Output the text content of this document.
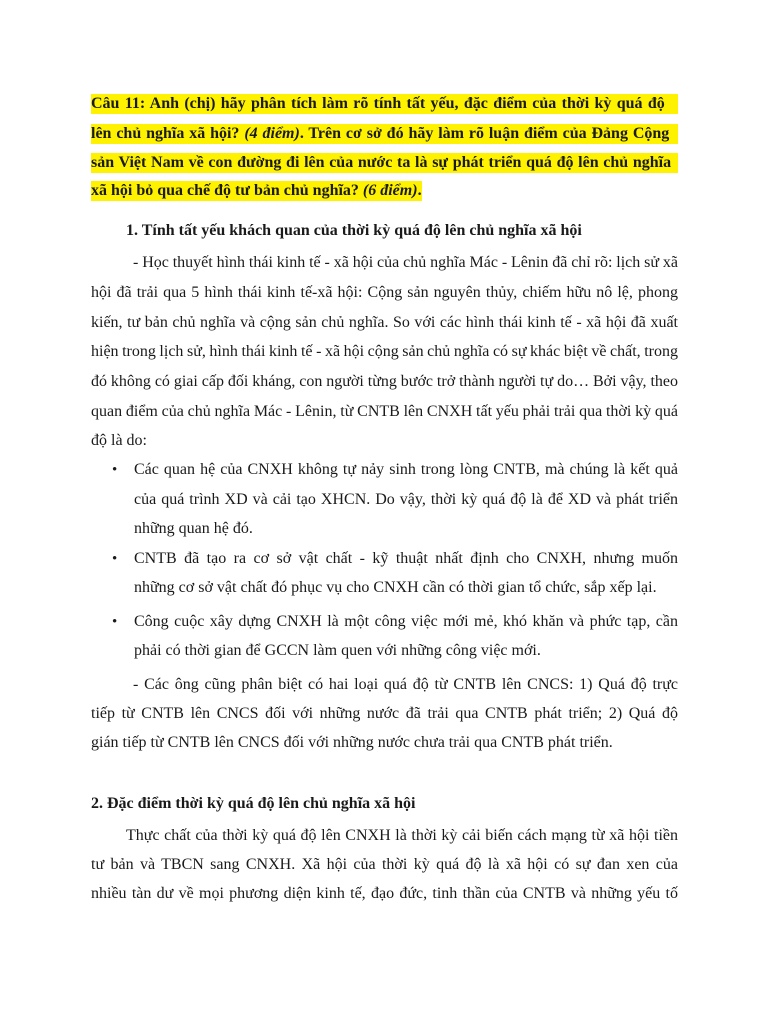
Câu 11: Anh (chị) hãy phân tích làm rõ tính tất yếu, đặc điểm của thời kỳ quá độ
lên chủ nghĩa xã hội? (4 điểm). Trên cơ sở đó hãy làm rõ luận điểm của Đảng Cộng
sản Việt Nam về con đường đi lên của nước ta là sự phát triển quá độ lên chủ nghĩa
xã hội bỏ qua chế độ tư bản chủ nghĩa? (6 điểm).
1. Tính tất yếu khách quan của thời kỳ quá độ lên chủ nghĩa xã hội
- Học thuyết hình thái kinh tế - xã hội của chủ nghĩa Mác - Lênin đã chỉ rõ: lịch sử xã
hội đã trải qua 5 hình thái kinh tế-xã hội: Cộng sản nguyên thủy, chiếm hữu nô lệ, phong
kiến, tư bản chủ nghĩa và cộng sản chủ nghĩa. So với các hình thái kinh tế - xã hội đã xuất
hiện trong lịch sử, hình thái kinh tế - xã hội cộng sản chủ nghĩa có sự khác biệt về chất, trong
đó không có giai cấp đối kháng, con người từng bước trở thành người tự do… Bởi vậy, theo
quan điểm của chủ nghĩa Mác - Lênin, từ CNTB lên CNXH tất yếu phải trải qua thời kỳ quá
độ là do:
• Các quan hệ của CNXH không tự nảy sinh trong lòng CNTB, mà chúng là kết quả
của quá trình XD và cải tạo XHCN. Do vậy, thời kỳ quá độ là để XD và phát triển
những quan hệ đó.
• CNTB đã tạo ra cơ sở vật chất - kỹ thuật nhất định cho CNXH, nhưng muốn
những cơ sở vật chất đó phục vụ cho CNXH cần có thời gian tổ chức, sắp xếp lại.
• Công cuộc xây dựng CNXH là một công việc mới mẻ, khó khăn và phức tạp, cần
phải có thời gian để GCCN làm quen với những công việc mới.
- Các ông cũng phân biệt có hai loại quá độ từ CNTB lên CNCS: 1) Quá độ trực
tiếp từ CNTB lên CNCS đối với những nước đã trải qua CNTB phát triển; 2) Quá độ
gián tiếp từ CNTB lên CNCS đối với những nước chưa trải qua CNTB phát triển.
2. Đặc điểm thời kỳ quá độ lên chủ nghĩa xã hội
Thực chất của thời kỳ quá độ lên CNXH là thời kỳ cải biến cách mạng từ xã hội tiền
tư bản và TBCN sang CNXH. Xã hội của thời kỳ quá độ là xã hội có sự đan xen của
nhiều tàn dư về mọi phương diện kinh tế, đạo đức, tinh thần của CNTB và những yếu tố
